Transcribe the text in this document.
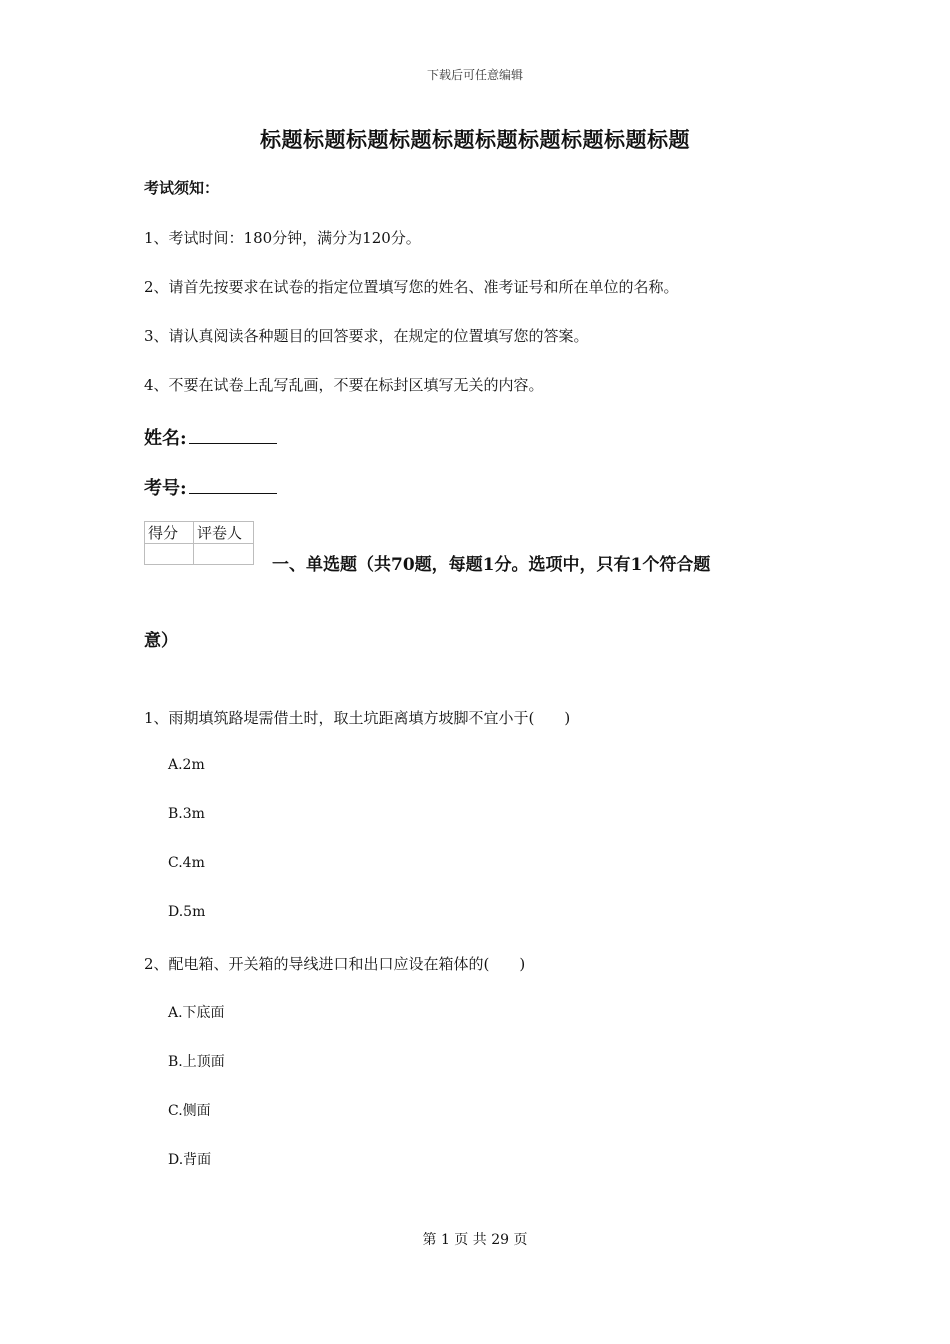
下载后可任意编辑
标题标题标题标题标题标题标题标题标题标题
考试须知：
1、考试时间：180分钟，满分为120分。
2、请首先按要求在试卷的指定位置填写您的姓名、准考证号和所在单位的名称。
3、请认真阅读各种题目的回答要求，在规定的位置填写您的答案。
4、不要在试卷上乱写乱画，不要在标封区填写无关的内容。
姓名:
考号:
得分	评卷人

一、单选题（共70题，每题1分。选项中，只有1个符合题
意）
1、雨期填筑路堤需借土时，取土坑距离填方坡脚不宜小于(　　)
A.2m
B.3m
C.4m
D.5m
2、配电箱、开关箱的导线进口和出口应设在箱体的(　　)
A.下底面
B.上顶面
C.侧面
D.背面
第 1 页 共 29 页
